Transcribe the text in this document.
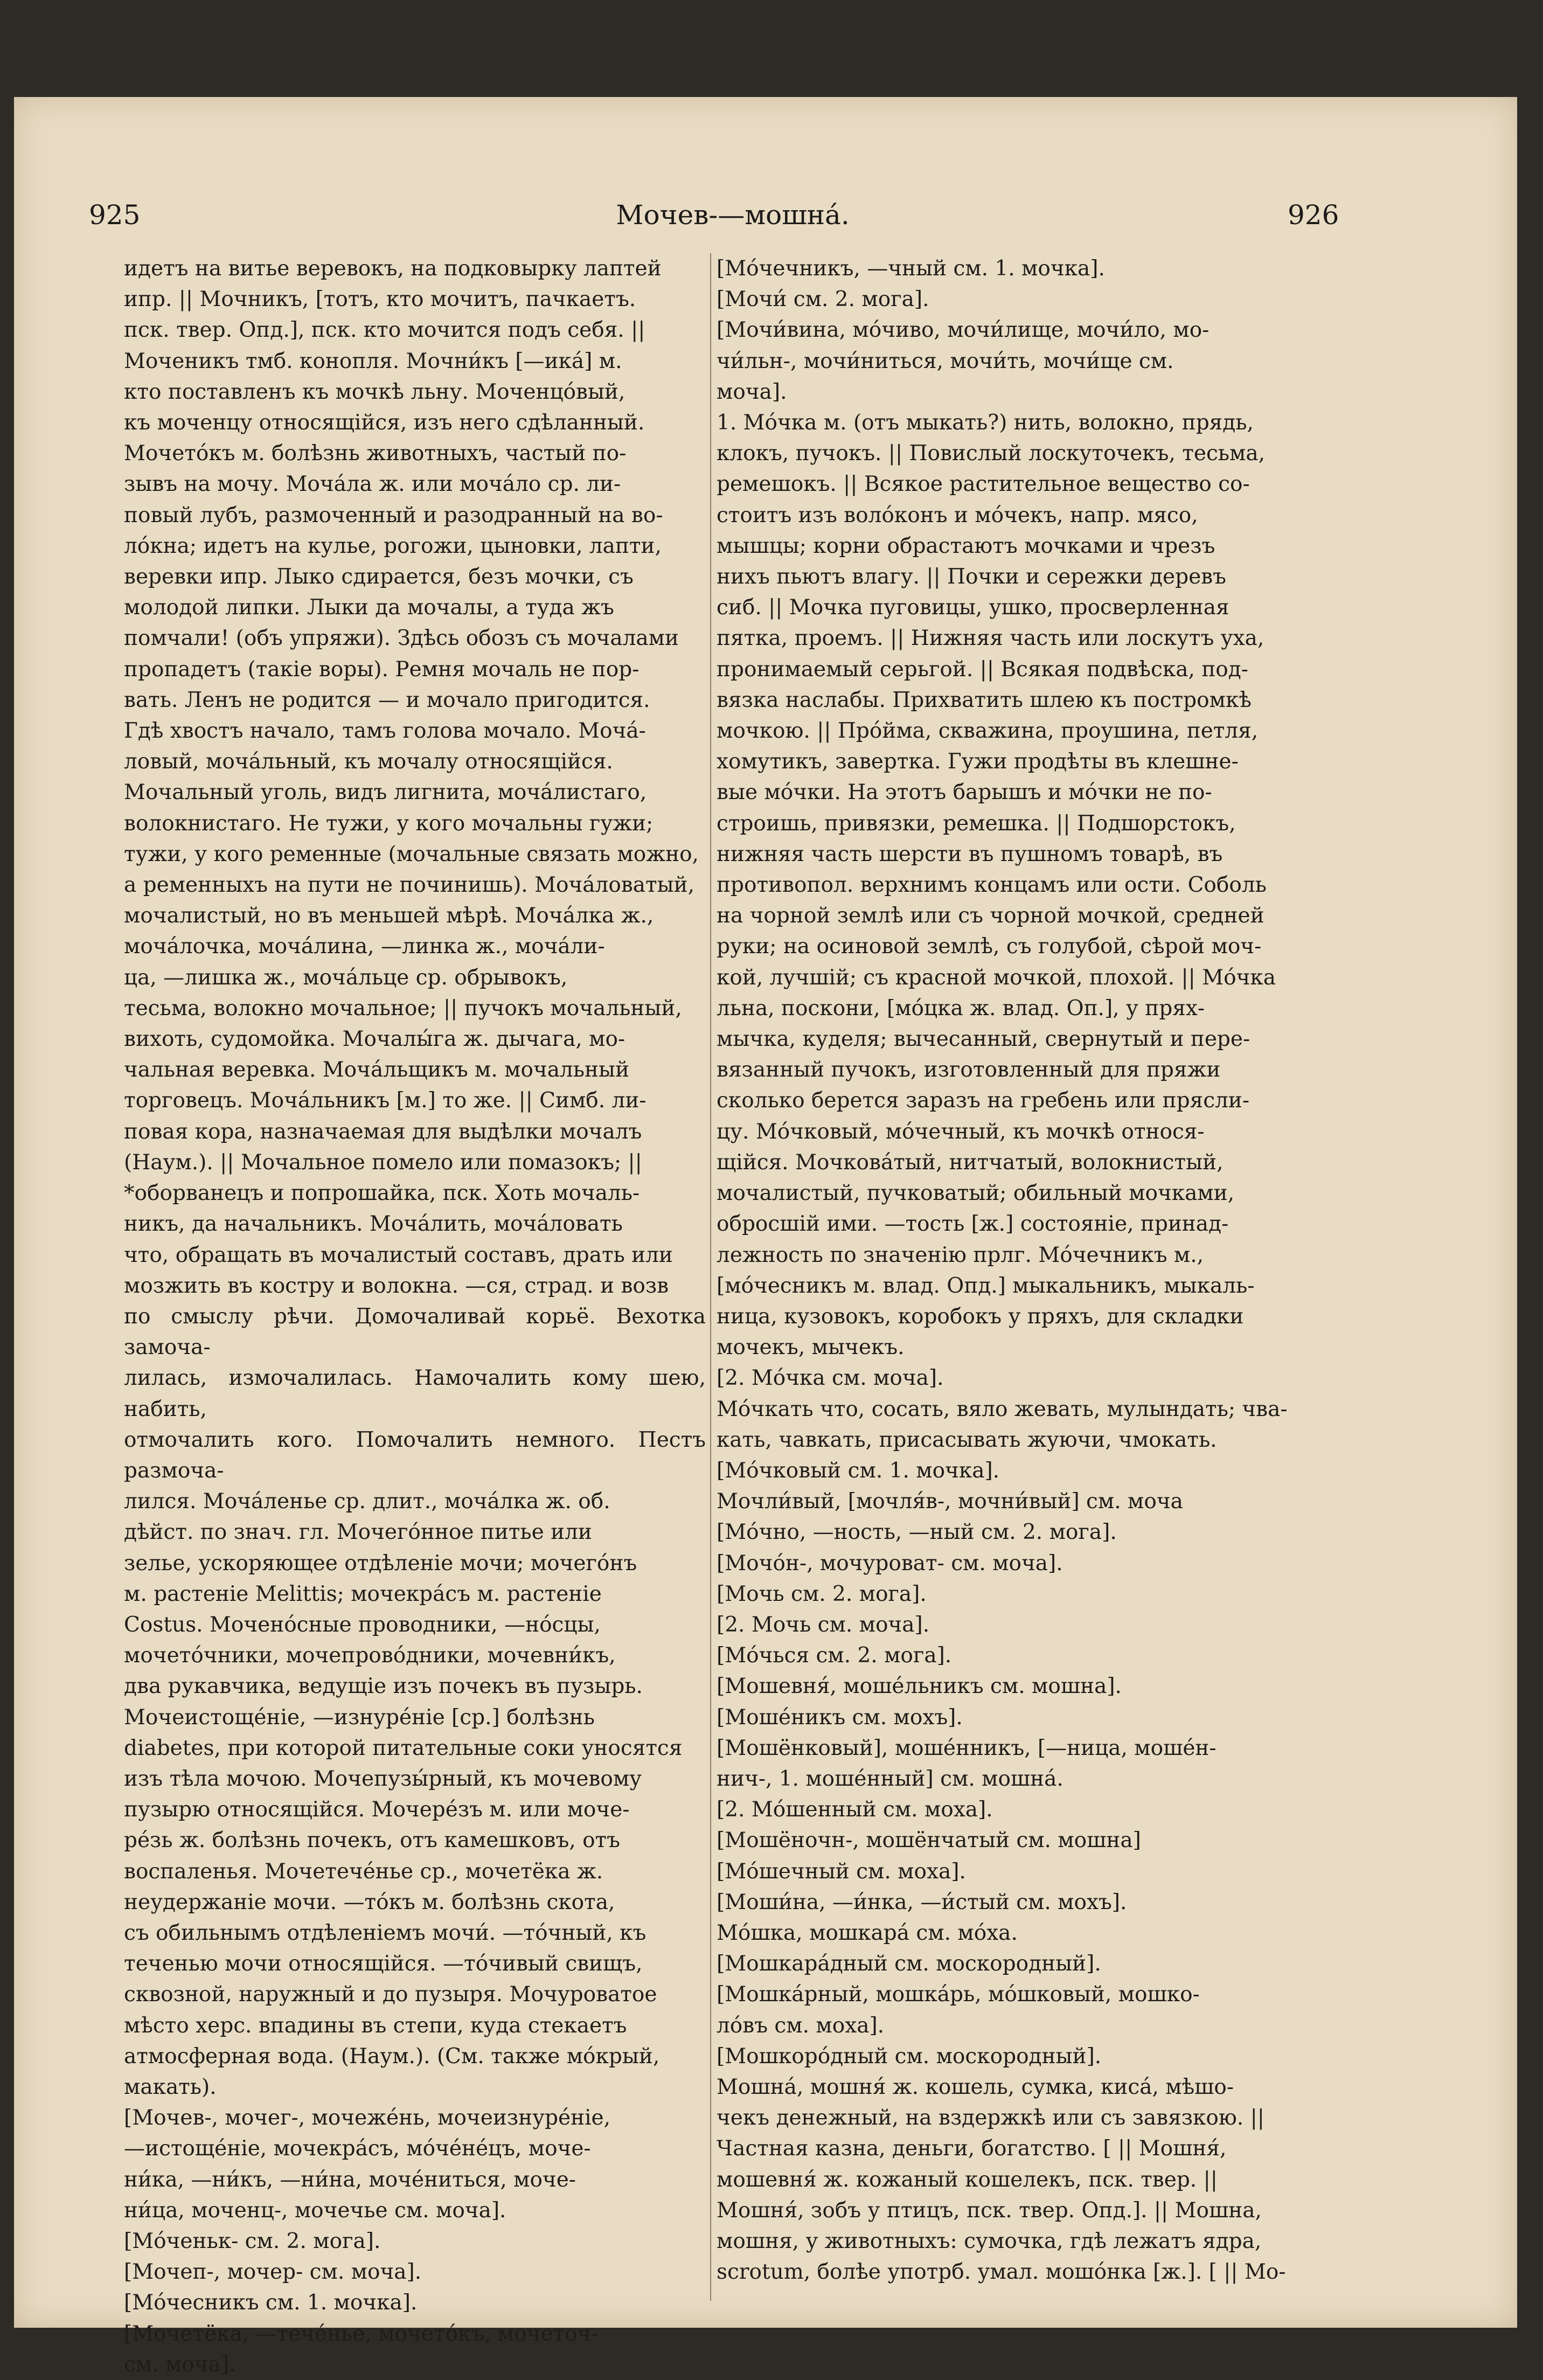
925	Мочев-—мошна́.	926
идетъ на витье веревокъ, на подковырку лаптей
ипр. || Мочникъ, [тотъ, кто мочитъ, пачкаетъ.
пск. твер. Опд.], пск. кто мочится подъ себя. ||
Моченикъ тмб. конопля. Мочни́къ [—ика́] м.
кто поставленъ къ мочкѣ льну. Моченцо́вый,
къ моченцу относящійся, изъ него сдѣланный.
Мочето́къ м. болѣзнь животныхъ, частый по-
зывъ на мочу. Моча́ла ж. или моча́ло ср. ли-
повый лубъ, размоченный и разодранный на во-
ло́кна; идетъ на кулье, рогожи, цыновки, лапти,
веревки ипр. Лыко сдирается, безъ мочки, съ
молодой липки. Лыки да мочалы, а туда жъ
помчали! (объ упряжи). Здѣсь обозъ съ мочалами
пропадетъ (такіе воры). Ремня мочаль не пор-
вать. Ленъ не родится — и мочало пригодится.
Гдѣ хвостъ начало, тамъ голова мочало. Моча́-
ловый, моча́льный, къ мочалу относящійся.
Мочальный уголь, видъ лигнита, моча́листаго,
волокнистаго. Не тужи, у кого мочальны гужи;
тужи, у кого ременные (мочальные связать можно,
а ременныхъ на пути не починишь). Моча́ловатый,
мочалистый, но въ меньшей мѣрѣ. Моча́лка ж.,
моча́лочка, моча́лина, —линка ж., моча́ли-
ца, —лишка ж., моча́льце ср. обрывокъ,
тесьма, волокно мочальное; || пучокъ мочальный,
вихоть, судомойка. Мочалы́га ж. дычага, мо-
чальная веревка. Моча́льщикъ м. мочальный
торговецъ. Моча́льникъ [м.] то же. || Симб. ли-
повая кора, назначаемая для выдѣлки мочалъ
(Наум.). || Мочальное помело или помазокъ; ||
*оборванецъ и попрошайка, пск. Хоть мочаль-
никъ, да начальникъ. Моча́лить, моча́ловать
что, обращать въ мочалистый составъ, драть или
мозжить въ костру и волокна. —ся, страд. и возв
по смыслу рѣчи. Домочаливай корьё. Вехотка замоча-
лилась, измочалилась. Намочалить кому шею, набить,
отмочалить кого. Помочалить немного. Пестъ размоча-
лился. Моча́ленье ср. длит., моча́лка ж. об.
дѣйст. по знач. гл. Мочегóнное питье или
зелье, ускоряющее отдѣленіе мочи; мочего́нъ
м. растеніе Melittis; мочекра́съ м. растеніе
Costus. Мочено́сные проводники, —но́сцы,
мочето́чники, мочепрово́дники, мочевни́къ,
два рукавчика, ведущіе изъ почекъ въ пузырь.
Мочеистоще́ніе, —изнуре́ніе [ср.] болѣзнь
diabetes, при которой питательные соки уносятся
изъ тѣла мочою. Мочепузы́рный, къ мочевому
пузырю относящійся. Мочере́зъ м. или моче-
ре́зь ж. болѣзнь почекъ, отъ камешковъ, отъ
воспаленья. Мочетече́нье ср., мочетёка ж.
неудержаніе мочи. —то́къ м. болѣзнь скота,
съ обильнымъ отдѣленіемъ мочи́. —то́чный, къ
теченью мочи относящійся. —то́чивый свищъ,
сквозной, наружный и до пузыря. Мочуроватое
мѣсто херс. впадины въ степи, куда стекаетъ
атмосферная вода. (Наум.). (См. также мо́крый,
макать).
[Мочев-, мочег-, мочеже́нь, мочеизнуре́ніе,
—истоще́ніе, мочекра́съ, мо́че́не́цъ, моче-
ни́ка, —ни́къ, —ни́на, моче́ниться, моче-
ни́ца, моченц-, мочечье см. моча].
[Мо́ченьк- см. 2. мога].
[Мочеп-, мочер- см. моча].
[Мо́чесникъ см. 1. мочка].
[Мочетёка, —тече́нье, мочето́къ, мочеточ-
см. моча].
[Мо́чечникъ, —чный см. 1. мочка].
[Мочи́ см. 2. мога].
[Мочи́вина, мо́чиво, мочи́лище, мочи́ло, мо-
чи́льн-, мочи́ниться, мочи́ть, мочи́ще см.
моча].
1. Мо́чка м. (отъ мыкать?) нить, волокно, прядь,
клокъ, пучокъ. || Повислый лоскуточекъ, тесьма,
ремешокъ. || Всякое растительное вещество со-
стоитъ изъ воло́конъ и мо́чекъ, напр. мясо,
мышцы; корни обрастаютъ мочками и чрезъ
нихъ пьютъ влагу. || Почки и сережки деревъ
сиб. || Мочка пуговицы, ушко, просверленная
пятка, проемъ. || Нижняя часть или лоскутъ уха,
пронимаемый серьгой. || Всякая подвѣска, под-
вязка наслабы. Прихватить шлею къ постромкѣ
мочкою. || Про́йма, скважина, проушина, петля,
хомутикъ, завертка. Гужи продѣты въ клешне-
вые мо́чки. На этотъ барышъ и мо́чки не по-
строишь, привязки, ремешка. || Подшорстокъ,
нижняя часть шерсти въ пушномъ товарѣ, въ
противопол. верхнимъ концамъ или ости. Соболь
на чорной землѣ или съ чорной мочкой, средней
руки; на осиновой землѣ, съ голубой, сѣрой моч-
кой, лучшій; съ красной мочкой, плохой. || Мо́чка
льна, поскони, [мо́цка ж. влад. Оп.], у прях-
мычка, куделя; вычесанный, свернутый и пере-
вязанный пучокъ, изготовленный для пряжи
сколько берется заразъ на гребень или прясли-
цу. Мо́чковый, мо́чечный, къ мочкѣ относя-
щійся. Мочкова́тый, нитчатый, волокнистый,
мочалистый, пучковатый; обильный мочками,
обросшій ими. —тость [ж.] состояніе, принад-
лежность по значенію прлг. Мо́чечникъ м.,
[мо́чесникъ м. влад. Опд.] мыкальникъ, мыкаль-
ница, кузовокъ, коробокъ у пряхъ, для складки
мочекъ, мычекъ.
[2. Мо́чка см. моча].
Мо́чкать что, сосать, вяло жевать, мулындать; чва-
кать, чавкать, присасывать жуючи, чмокать.
[Мо́чковый см. 1. мочка].
Мочли́вый, [мочля́в-, мочни́вый] см. моча
[Мо́чно, —ность, —ный см. 2. мога].
[Мочо́н-, мочуроват- см. моча].
[Мочь см. 2. мога].
[2. Мочь см. моча].
[Мо́чься см. 2. мога].
[Мошевня́, моше́льникъ см. мошна].
[Моше́никъ см. мохъ].
[Мошёнковый], моше́нникъ, [—ница, моше́н-
нич-, 1. моше́нный] см. мошна́.
[2. Мо́шенный см. моха].
[Мошёночн-, мошёнчатый см. мошна]
[Мо́шечный см. моха].
[Моши́на, —и́нка, —и́стый см. мохъ].
Мо́шка, мошкара́ см. мо́ха.
[Мошкара́дный см. москородный].
[Мошка́рный, мошка́рь, мо́шковый, мошко-
ло́въ см. моха].
[Мошкоро́дный см. москородный].
Мошна́, мошня́ ж. кошель, сумка, киса́, мѣшо-
чекъ денежный, на вздержкѣ или съ завязкою. ||
Частная казна, деньги, богатство. [ || Мошня́,
мошевня́ ж. кожаный кошелекъ, пск. твер. ||
Мошня́, зобъ у птицъ, пск. твер. Опд.]. || Мошна,
мошня, у животныхъ: сумочка, гдѣ лежатъ ядра,
scrotum, болѣе употрб. умал. мошо́нка [ж.]. [ || Мо-
